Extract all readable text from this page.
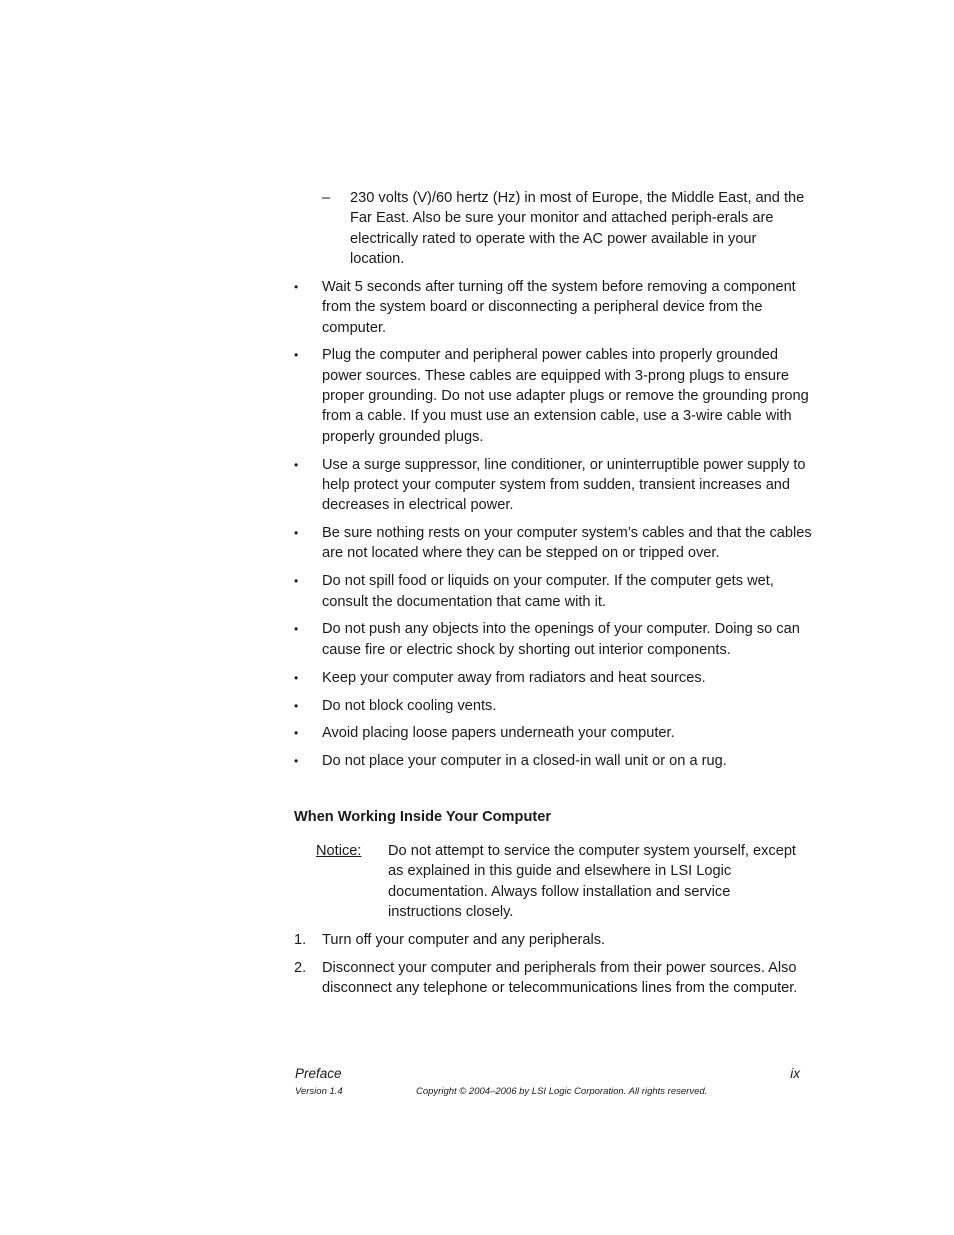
– 230 volts (V)/60 hertz (Hz) in most of Europe, the Middle East, and the Far East. Also be sure your monitor and attached periph-erals are electrically rated to operate with the AC power available in your location.
• Wait 5 seconds after turning off the system before removing a component from the system board or disconnecting a peripheral device from the computer.
• Plug the computer and peripheral power cables into properly grounded power sources. These cables are equipped with 3-prong plugs to ensure proper grounding. Do not use adapter plugs or remove the grounding prong from a cable. If you must use an extension cable, use a 3-wire cable with properly grounded plugs.
• Use a surge suppressor, line conditioner, or uninterruptible power supply to help protect your computer system from sudden, transient increases and decreases in electrical power.
• Be sure nothing rests on your computer system’s cables and that the cables are not located where they can be stepped on or tripped over.
• Do not spill food or liquids on your computer. If the computer gets wet, consult the documentation that came with it.
• Do not push any objects into the openings of your computer. Doing so can cause fire or electric shock by shorting out interior components.
• Keep your computer away from radiators and heat sources.
• Do not block cooling vents.
• Avoid placing loose papers underneath your computer.
• Do not place your computer in a closed-in wall unit or on a rug.
When Working Inside Your Computer
Notice: Do not attempt to service the computer system yourself, except as explained in this guide and elsewhere in LSI Logic documentation. Always follow installation and service instructions closely.
1. Turn off your computer and any peripherals.
2. Disconnect your computer and peripherals from their power sources. Also disconnect any telephone or telecommunications lines from the computer.
Preface	ix
Version 1.4	Copyright © 2004–2006 by LSI Logic Corporation. All rights reserved.
